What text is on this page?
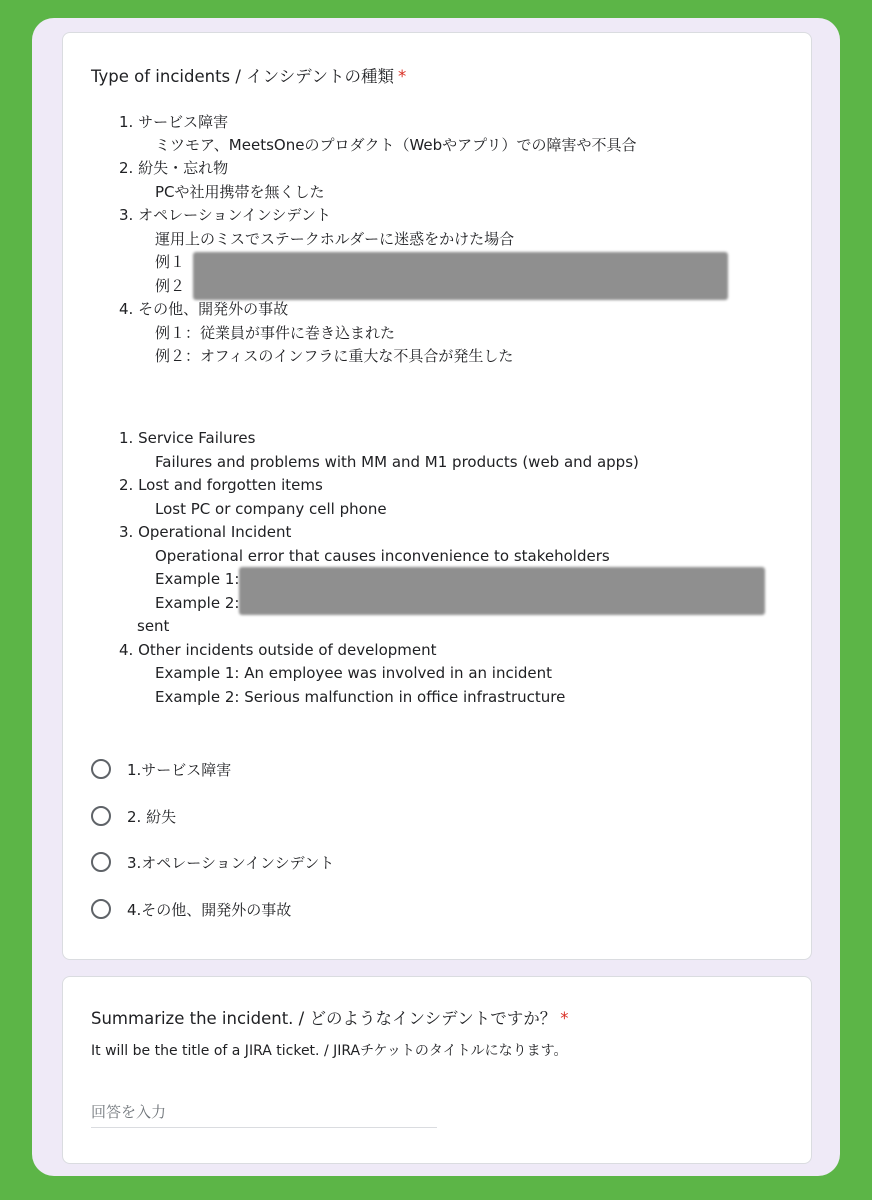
Type of incidents / インシデントの種類 *
1. サービス障害
ミツモア、MeetsOneのプロダクト（Webやアプリ）での障害や不具合
2. 紛失・忘れ物
PCや社用携帯を無くした
3. オペレーションインシデント
運用上のミスでステークホルダーに迷惑をかけた場合
例１
例２
4. その他、開発外の事故
例１：従業員が事件に巻き込まれた
例２：オフィスのインフラに重大な不具合が発生した
1. Service Failures
Failures and problems with MM and M1 products (web and apps)
2. Lost and forgotten items
Lost PC or company cell phone
3. Operational Incident
Operational error that causes inconvenience to stakeholders
Example 1:
Example 2:
sent
4. Other incidents outside of development
Example 1: An employee was involved in an incident
Example 2: Serious malfunction in office infrastructure
1.サービス障害
2. 紛失
3.オペレーションインシデント
4.その他、開発外の事故
Summarize the incident. / どのようなインシデントですか？ *
It will be the title of a JIRA ticket. / JIRAチケットのタイトルになります。
回答を入力
